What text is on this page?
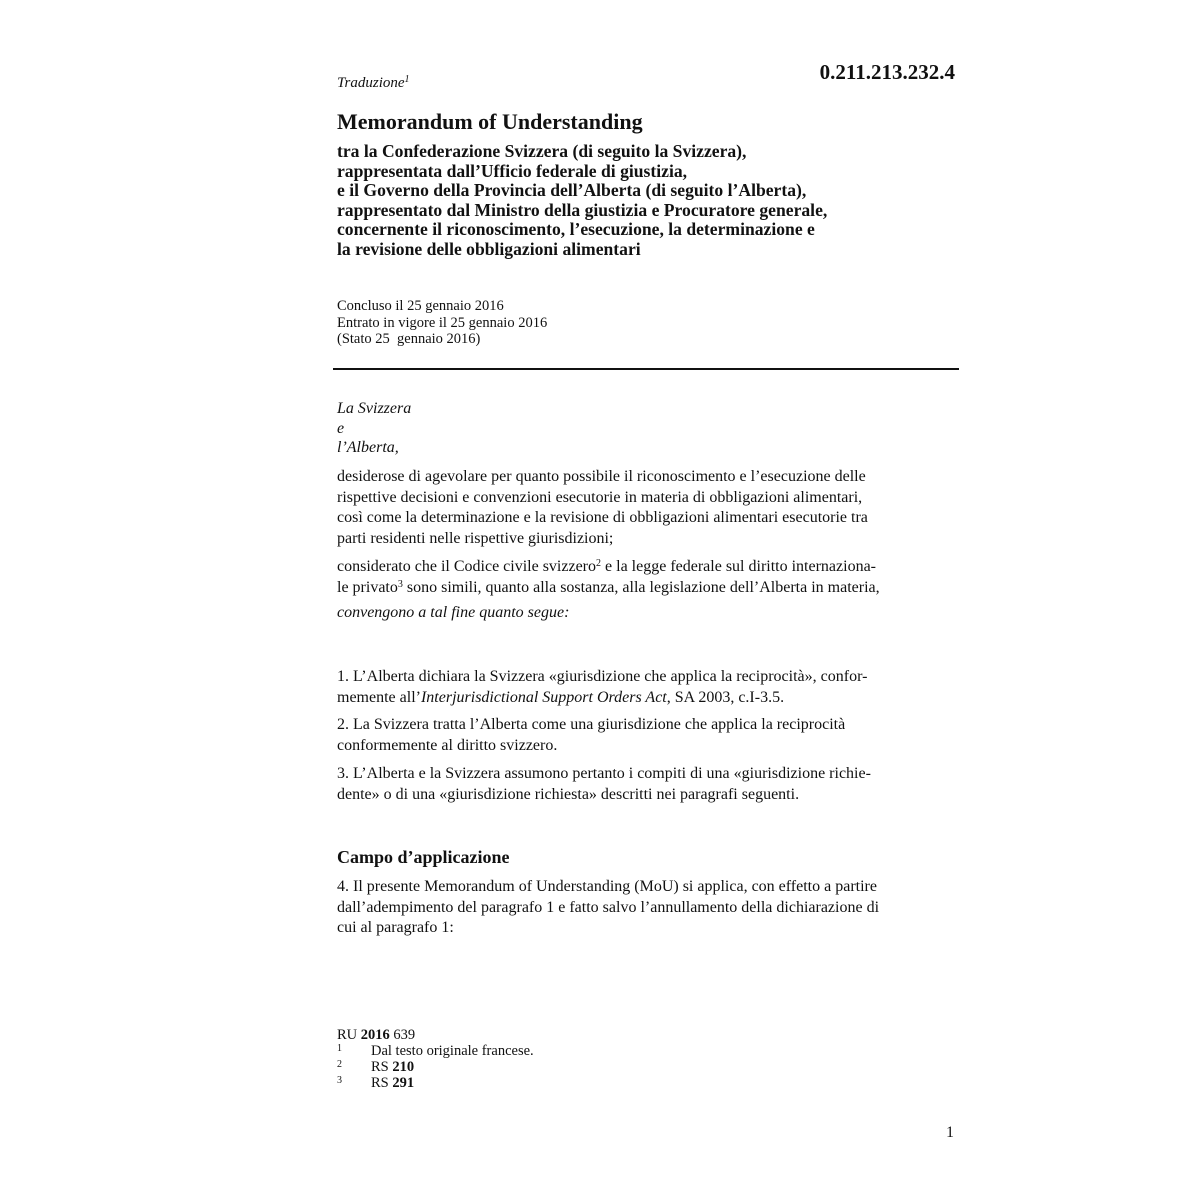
Traduzione$^1$	0.211.213.232.4
Memorandum of Understanding
tra la Confederazione Svizzera (di seguito la Svizzera),
rappresentata dall’Ufficio federale di giustizia,
e il Governo della Provincia dell’Alberta (di seguito l’Alberta),
rappresentato dal Ministro della giustizia e Procuratore generale,
concernente il riconoscimento, l’esecuzione, la determinazione e
la revisione delle obbligazioni alimentari
Concluso il 25 gennaio 2016
Entrato in vigore il 25 gennaio 2016
(Stato 25  gennaio 2016)
La Svizzera
e
l’Alberta,
desiderose di agevolare per quanto possibile il riconoscimento e l’esecuzione delle
rispettive decisioni e convenzioni esecutorie in materia di obbligazioni alimentari,
così come la determinazione e la revisione di obbligazioni alimentari esecutorie tra
parti residenti nelle rispettive giurisdizioni;
considerato che il Codice civile svizzero$^2$ e la legge federale sul diritto internaziona-
le privato$^3$ sono simili, quanto alla sostanza, alla legislazione dell’Alberta in materia,
convengono a tal fine quanto segue:
1. L’Alberta dichiara la Svizzera «giurisdizione che applica la reciprocità», confor-
memente all’Interjurisdictional Support Orders Act, SA 2003, c.I-3.5.
2. La Svizzera tratta l’Alberta come una giurisdizione che applica la reciprocità
conformemente al diritto svizzero.
3. L’Alberta e la Svizzera assumono pertanto i compiti di una «giurisdizione richie-
dente» o di una «giurisdizione richiesta» descritti nei paragrafi seguenti.
Campo d’applicazione
4. Il presente Memorandum of Understanding (MoU) si applica, con effetto a partire
dall’adempimento del paragrafo 1 e fatto salvo l’annullamento della dichiarazione di
cui al paragrafo 1:
RU 2016 639
1	Dal testo originale francese.
2	RS 210
3	RS 291
1
